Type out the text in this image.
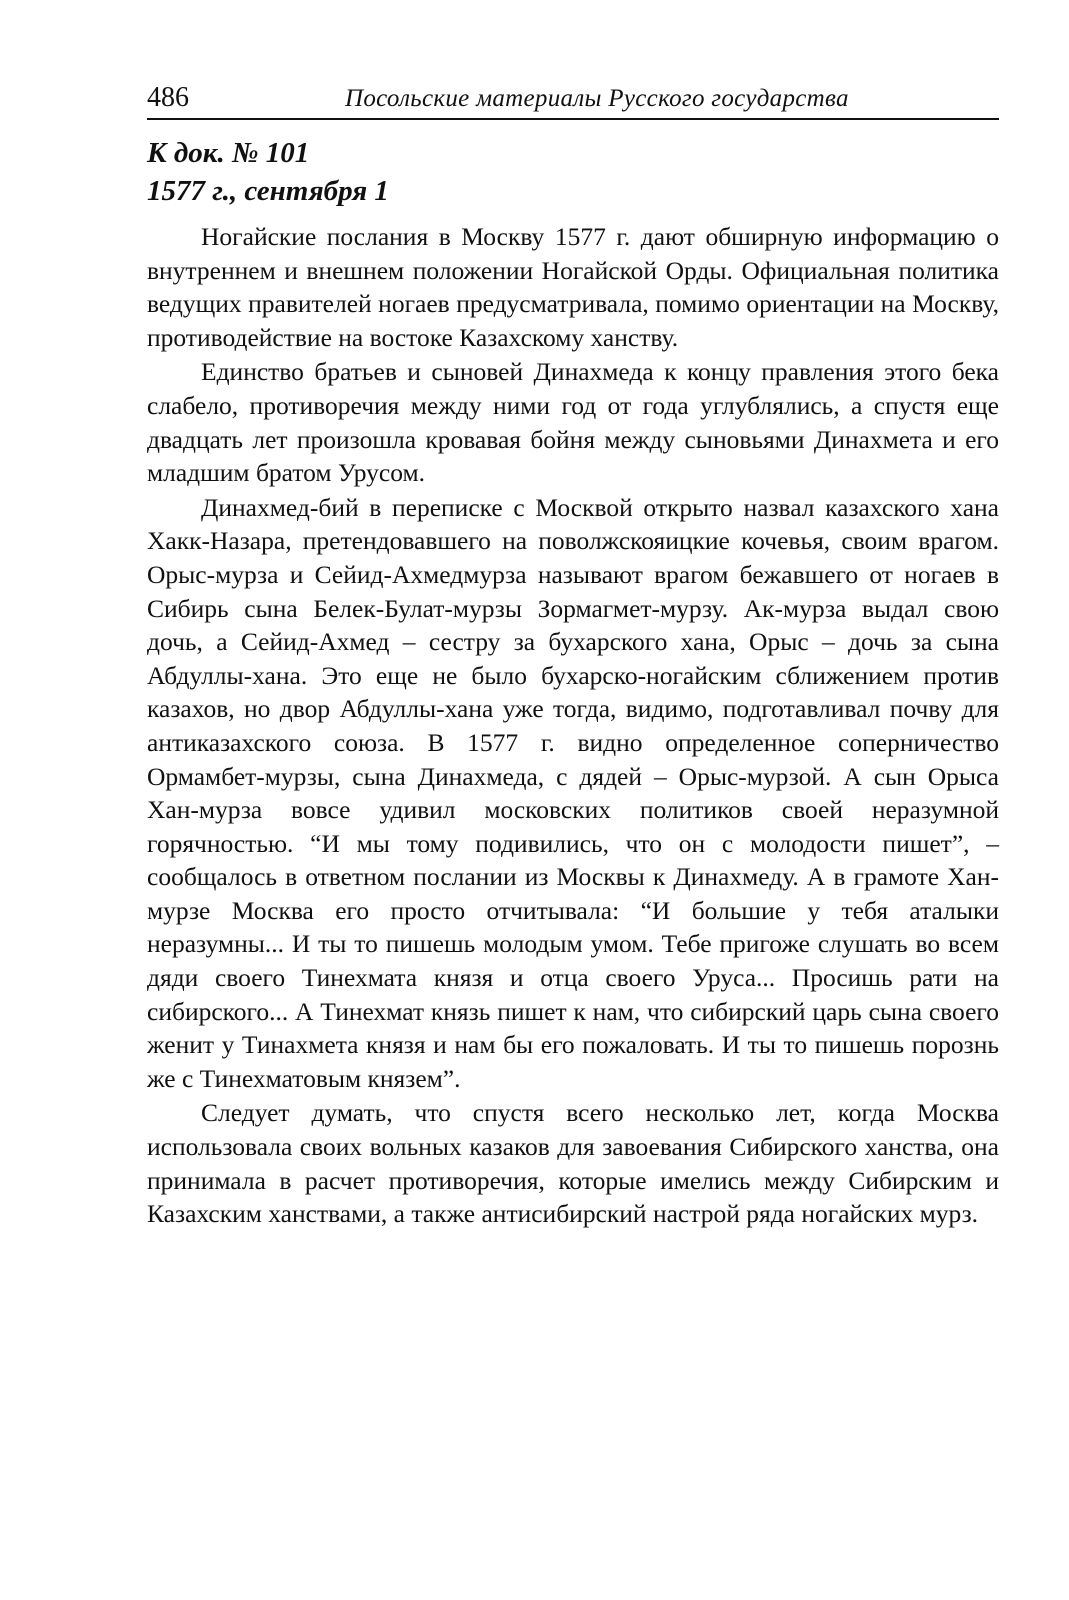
486	Посольские материалы Русского государства
К док. № 101
1577 г., сентября 1

Ногайские послания в Москву 1577 г. дают обширную информацию о внутреннем и внешнем положении Ногайской Орды. Официальная политика ведущих правителей ногаев предусматривала, помимо ориентации на Москву, противодействие на востоке Казахскому ханству.

Единство братьев и сыновей Динахмеда к концу правления этого бека слабело, противоречия между ними год от года углублялись, а спустя еще двадцать лет произошла кровавая бойня между сыновьями Динахмета и его младшим братом Урусом.

Динахмед-бий в переписке с Москвой открыто назвал казахского хана Хакк-Назара, претендовавшего на поволжскояицкие кочевья, своим врагом. Орыс-мурза и Сейид-Ахмедмурза называют врагом бежавшего от ногаев в Сибирь сына Белек-Булат-мурзы Зормагмет-мурзу. Ак-мурза выдал свою дочь, а Сейид-Ахмед – сестру за бухарского хана, Орыс – дочь за сына Абдуллы-хана. Это еще не было бухарско-ногайским сближением против казахов, но двор Абдуллы-хана уже тогда, видимо, подготавливал почву для антиказахского союза. В 1577 г. видно определенное соперничество Ормамбет-мурзы, сына Динахмеда, с дядей – Орыс-мурзой. А сын Орыса Хан-мурза вовсе удивил московских политиков своей неразумной горячностью. “И мы тому подивились, что он с молодости пишет”, – сообщалось в ответном послании из Москвы к Динахмеду. А в грамоте Хан-мурзе Москва его просто отчитывала: “И большие у тебя аталыки неразумны... И ты то пишешь молодым умом. Тебе пригоже слушать во всем дяди своего Тинехмата князя и отца своего Уруса... Просишь рати на сибирского... А Тинехмат князь пишет к нам, что сибирский царь сына своего женит у Тинахмета князя и нам бы его пожаловать. И ты то пишешь порознь же с Тинехматовым князем”.

Следует думать, что спустя всего несколько лет, когда Москва использовала своих вольных казаков для завоевания Сибирского ханства, она принимала в расчет противоречия, которые имелись между Сибирским и Казахским ханствами, а также антисибирский настрой ряда ногайских мурз.
